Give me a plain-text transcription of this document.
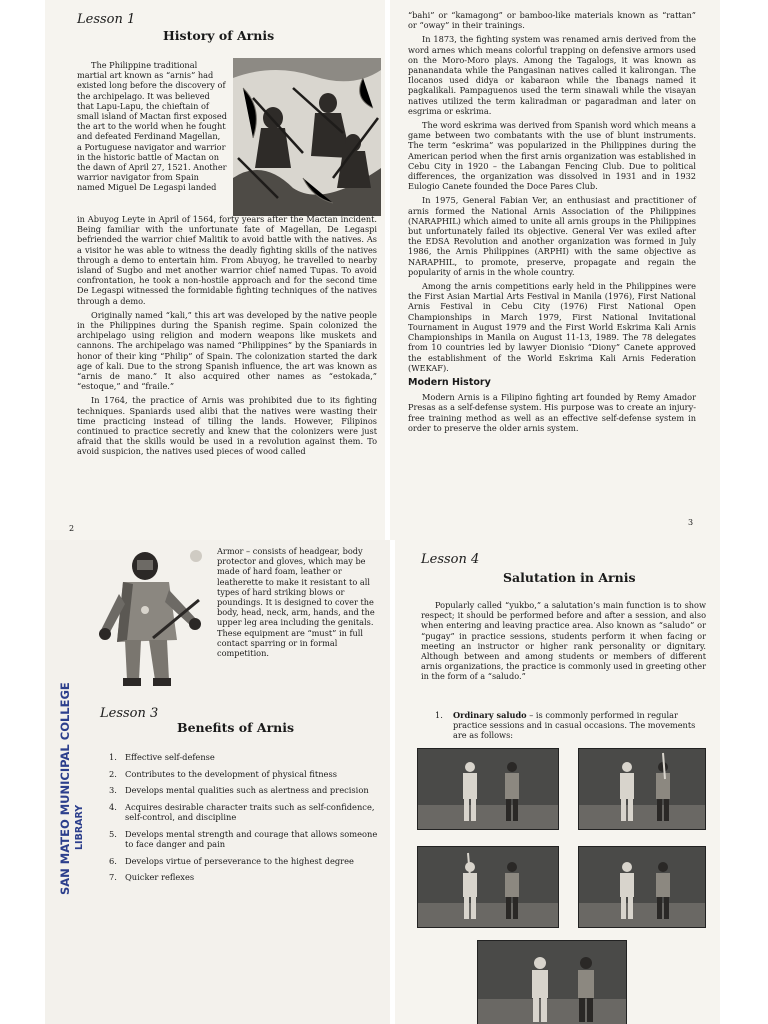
Lesson 1
History of Arnis

The Philippine traditional martial art known as “arnis” had existed long before the discovery of the archipelago. It was believed that Lapu-Lapu, the chieftain of small island of Mactan first exposed the art to the world when he fought and defeated Ferdinand Magellan, a Portuguese navigator and warrior in the historic battle of Mactan on the dawn of April 27, 1521. Another warrior navigator from Spain named Miguel De Legaspi landed

in Abuyog Leyte in April of 1564, forty years after the Mactan incident. Being familiar with the unfortunate fate of Magellan, De Legaspi befriended the warrior chief Malitik to avoid battle with the natives. As a visitor he was able to witness the deadly fighting skills of the natives through a demo to entertain him. From Abuyog, he travelled to nearby island of Sugbo and met another warrior chief named Tupas. To avoid confrontation, he took a non-hostile approach and for the second time De Legaspi witnessed the formidable fighting techniques of the natives through a demo.

Originally named “kali,” this art was developed by the native people in the Philippines during the Spanish regime. Spain colonized the archipelago using religion and modern weapons like muskets and cannons. The archipelago was named “Philippines” by the Spaniards in honor of their king “Philip” of Spain. The colonization started the dark age of kali. Due to the strong Spanish influence, the art was known as “arnis de mano.” It also acquired other names as “estokada,” “estoque,” and “fraile.”

In 1764, the practice of Arnis was prohibited due to its fighting techniques. Spaniards used alibi that the natives were wasting their time practicing instead of tilling the lands. However, Filipinos continued to practice secretly and knew that the colonizers were just afraid that the skills would be used in a revolution against them. To avoid suspicion, the natives used pieces of wood called

2

“bahi” or “kamagong” or bamboo-like materials known as “rattan” or “oway” in their trainings.

In 1873, the fighting system was renamed arnis derived from the word arnes which means colorful trapping on defensive armors used on the Moro-Moro plays. Among the Tagalogs, it was known as pananandata while the Pangasinan natives called it kalirongan. The Ilocanos used didya or kabaraon while the Ibanags named it pagkalikali. Pampaguenos used the term sinawali while the visayan natives utilized the term kaliradman or pagaradman and later on esgrima or eskrima.

The word eskrima was derived from Spanish word which means a game between two combatants with the use of blunt instruments. The term “eskrima” was popularized in the Philippines during the American period when the first arnis organization was established in Cebu City in 1920 – the Labangan Fencing Club. Due to political differences, the organization was dissolved in 1931 and in 1932 Eulogio Canete founded the Doce Pares Club.

In 1975, General Fabian Ver, an enthusiast and practitioner of arnis formed the National Arnis Association of the Philippines (NARAPHIL) which aimed to unite all arnis groups in the Philippines but unfortunately failed its objective. General Ver was exiled after the EDSA Revolution and another organization was formed in July 1986, the Arnis Philippines (ARPHI) with the same objective as NARAPHIL, to promote, preserve, propagate and regain the popularity of arnis in the whole country.

Among the arnis competitions early held in the Philippines were the First Asian Martial Arts Festival in Manila (1976), First National Arnis Festival in Cebu City (1976) First National Open Championships in March 1979, First National Invitational Tournament in August 1979 and the First World Eskrima Kali Arnis Championships in Manila on August 11-13, 1989. The 78 delegates from 10 countries led by lawyer Dionisio “Diony” Canete approved the establishment of the World Eskrima Kali Arnis Federation (WEKAF).

Modern History

Modern Arnis is a Filipino fighting art founded by Remy Amador Presas as a self-defense system. His purpose was to create an injury-free training method as well as an effective self-defense system in order to preserve the older arnis system.

3

Armor – consists of headgear, body protector and gloves, which may be made of hard foam, leather or leatherette to make it resistant to all types of hard striking blows or poundings. It is designed to cover the body, head, neck, arm, hands, and the upper leg area including the genitals. These equipment are “must” in full contact sparring or in formal competition.

Lesson 3
Benefits of Arnis
1. Effective self-defense
2. Contributes to the development of physical fitness
3. Develops mental qualities such as alertness and precision
4. Acquires desirable character traits such as self-confidence, self-control, and discipline
5. Develops mental strength and courage that allows someone to face danger and pain
6. Develops virtue of perseverance to the highest degree
7. Quicker reflexes
SAN MATEO MUNICIPAL COLLEGE LIBRARY
Lesson 4
Salutation in Arnis

Popularly called “yukbo,” a salutation’s main function is to show respect; it should be performed before and after a session, and also when entering and leaving practice area. Also known as “saludo” or “pugay” in practice sessions, students perform it when facing or meeting an instructor or higher rank personality or dignitary. Although between and among students or members of different arnis organizations, the practice is commonly used in greeting other in the form of a “saludo.”

1.	Ordinary saludo – is commonly performed in regular practice sessions and in casual occasions. The movements are as follows:
